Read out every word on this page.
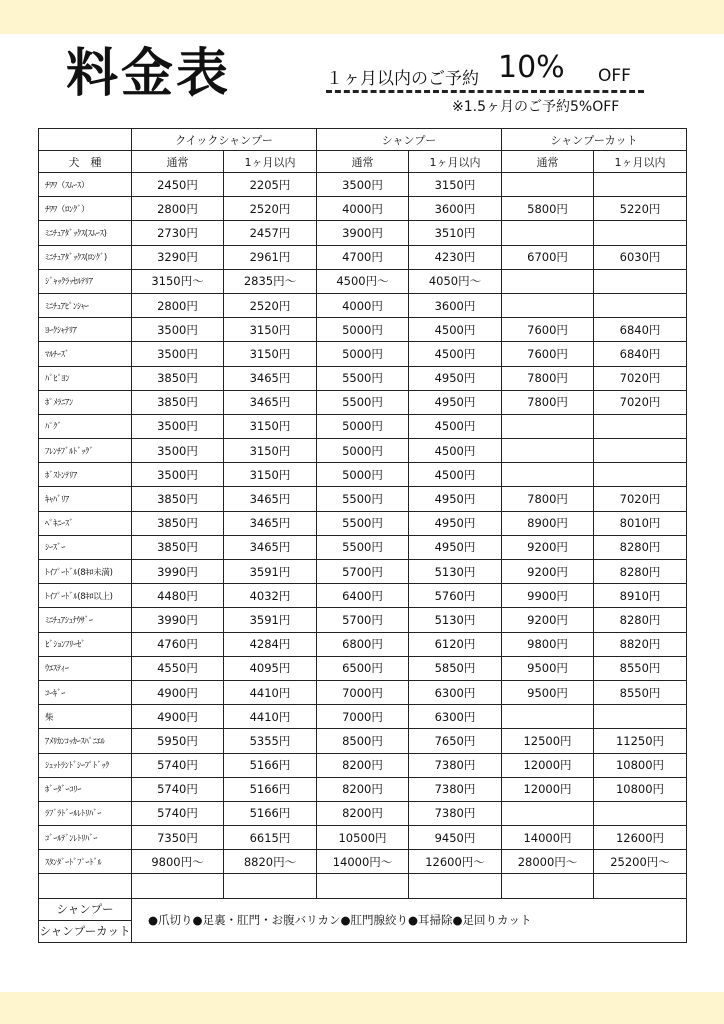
料金表	１ヶ月以内のご予約 10% OFF
※1.5ヶ月のご予約5%OFF
	クイックシャンプー		シャンプー		シャンプーカット	
犬　種	通常	1ヶ月以内	通常	1ヶ月以内	通常	1ヶ月以内
ﾁﾜﾜ（ｽﾑｰｽ）	2450円	2205円	3500円	3150円		
ﾁﾜﾜ（ﾛﾝｸﾞ）	2800円	2520円	4000円	3600円	5800円	5220円
ﾐﾆﾁｭｱﾀﾞｯｸｽ(ｽﾑｰｽ)	2730円	2457円	3900円	3510円		
ﾐﾆﾁｭｱﾀﾞｯｸｽ(ﾛﾝｸﾞ)	3290円	2961円	4700円	4230円	6700円	6030円
ｼﾞｬｯｸﾗｯｾﾙﾃﾘｱ	3150円～	2835円～	4500円～	4050円～		
ﾐﾆﾁｭｱﾋﾟﾝｼｬｰ	2800円	2520円	4000円	3600円		
ﾖｰｸｼｬﾃﾘｱ	3500円	3150円	5000円	4500円	7600円	6840円
ﾏﾙﾁｰｽﾞ	3500円	3150円	5000円	4500円	7600円	6840円
ﾊﾟﾋﾟﾖﾝ	3850円	3465円	5500円	4950円	7800円	7020円
ﾎﾟﾒﾗﾆｱﾝ	3850円	3465円	5500円	4950円	7800円	7020円
ﾊﾟｸﾞ	3500円	3150円	5000円	4500円		
ﾌﾚﾝﾁﾌﾞﾙﾄﾞｯｸﾞ	3500円	3150円	5000円	4500円		
ﾎﾞｽﾄﾝﾃﾘｱ	3500円	3150円	5000円	4500円		
ｷｬﾊﾞﾘｱ	3850円	3465円	5500円	4950円	7800円	7020円
ﾍﾟｷﾆｰｽﾞ	3850円	3465円	5500円	4950円	8900円	8010円
ｼｰｽﾞｰ	3850円	3465円	5500円	4950円	9200円	8280円
ﾄｲﾌﾟｰﾄﾞﾙ(8ｷﾛ未満)	3990円	3591円	5700円	5130円	9200円	8280円
ﾄｲﾌﾟｰﾄﾞﾙ(8ｷﾛ以上)	4480円	4032円	6400円	5760円	9900円	8910円
ﾐﾆﾁｭｱｼｭﾅｳｻﾞｰ	3990円	3591円	5700円	5130円	9200円	8280円
ﾋﾞｼｮﾝﾌﾘｰｾﾞ	4760円	4284円	6800円	6120円	9800円	8820円
ｳｴｽﾃｨｰ	4550円	4095円	6500円	5850円	9500円	8550円
ｺｰｷﾞｰ	4900円	4410円	7000円	6300円	9500円	8550円
柴	4900円	4410円	7000円	6300円		
ｱﾒﾘｶﾝｺｯｶｰｽﾊﾟﾆｴﾙ	5950円	5355円	8500円	7650円	12500円	11250円
ｼｪｯﾄﾗﾝﾄﾞｼｰﾌﾟﾄﾞｯｸ	5740円	5166円	8200円	7380円	12000円	10800円
ﾎﾞｰﾀﾞｰｺﾘｰ	5740円	5166円	8200円	7380円	12000円	10800円
ﾗﾌﾞﾗﾄﾞｰﾙﾚﾄﾘﾊﾞｰ	5740円	5166円	8200円	7380円		
ｺﾞｰﾙﾃﾞﾝﾚﾄﾘﾊﾞｰ	7350円	6615円	10500円	9450円	14000円	12600円
ｽﾀﾝﾀﾞｰﾄﾞﾌﾟｰﾄﾞﾙ	9800円～	8820円～	14000円～	12600円～	28000円～	25200円～

シャンプー	●爪切り●足裏・肛門・お腹バリカン●肛門腺絞り●耳掃除●足回りカット					
シャンプーカット						
